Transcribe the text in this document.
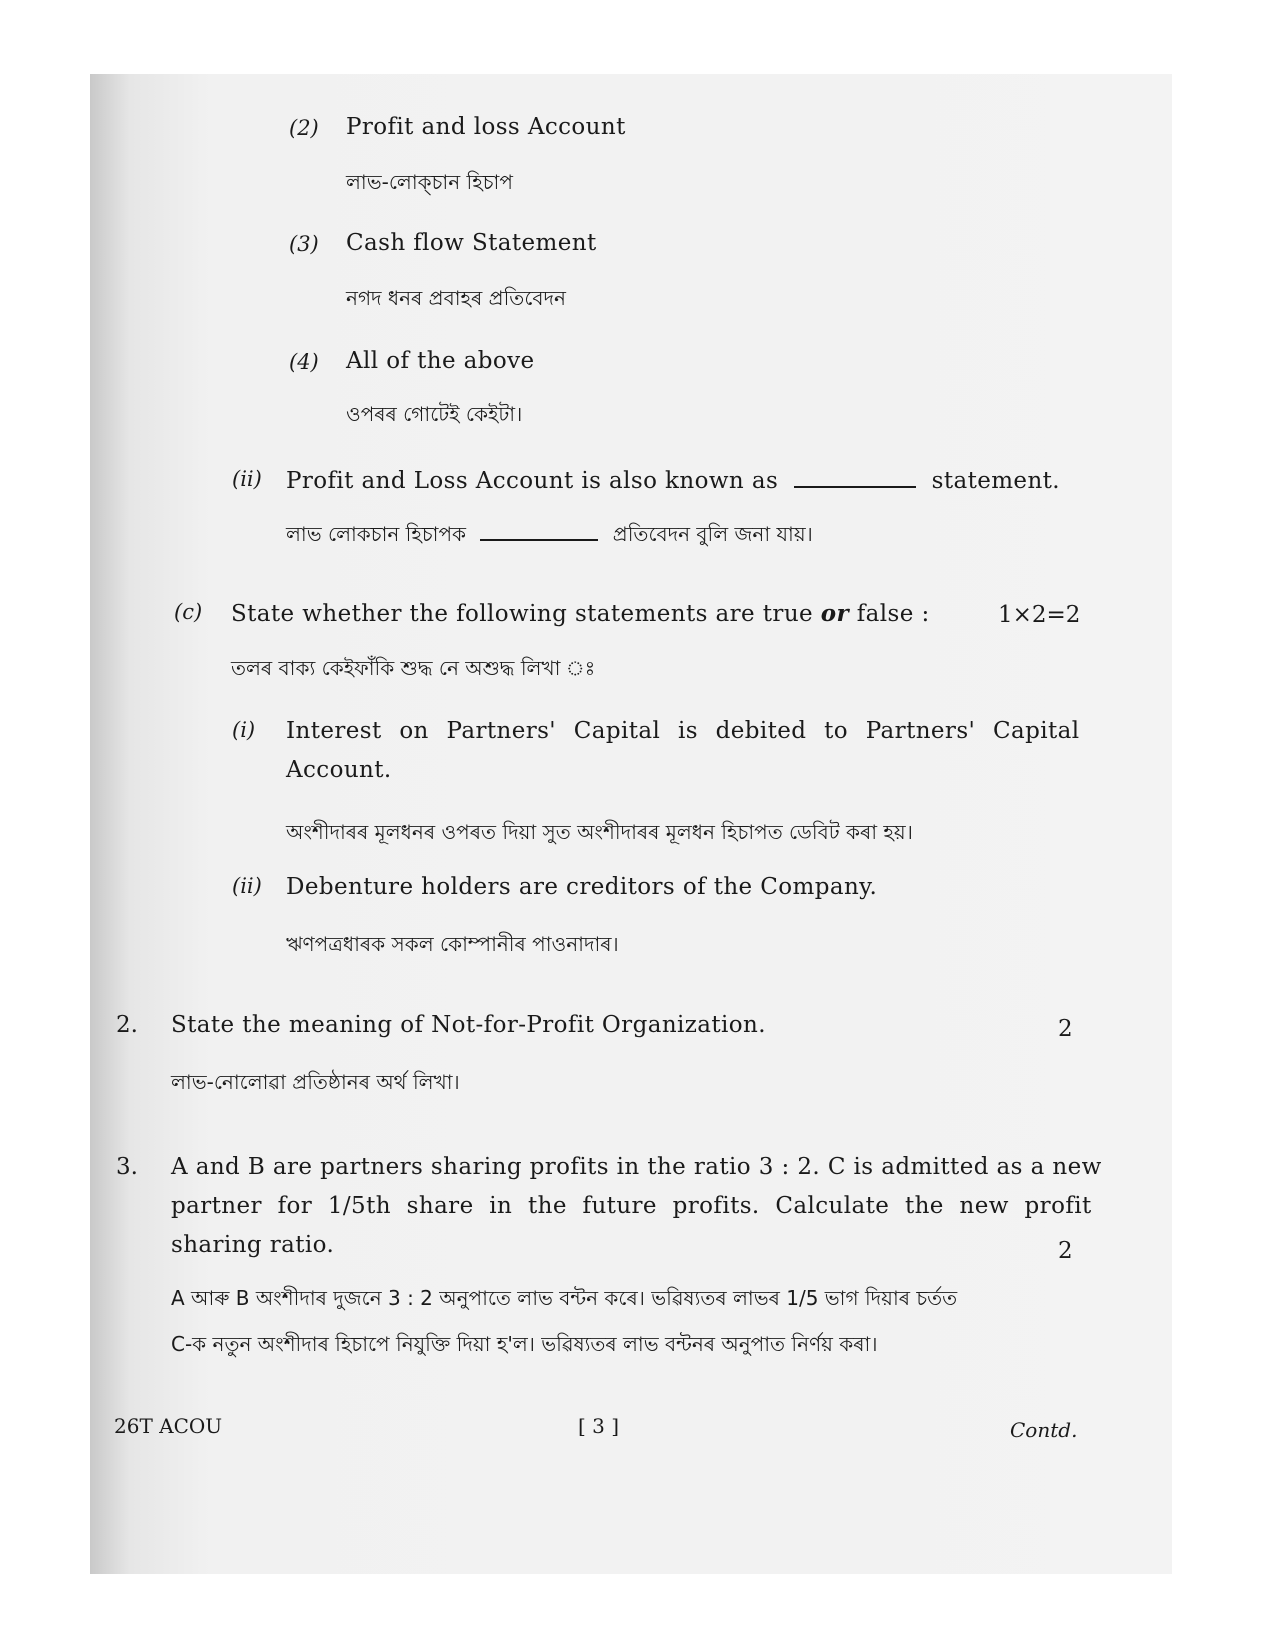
(2) Profit and loss Account
লাভ-লোক্‌চান হিচাপ
(3) Cash flow Statement
নগদ ধনৰ প্ৰবাহৰ প্ৰতিবেদন
(4) All of the above
ওপৰৰ গোটেই কেইটা।
(ii) Profit and Loss Account is also known as	statement.
লাভ লোকচান হিচাপক	প্ৰতিবেদন বুলি জনা যায়।
(c) State whether the following statements are true or false :	1×2=2
তলৰ বাক্য কেইফাঁকি শুদ্ধ নে অশুদ্ধ লিখা ঃ
(i) Interest on Partners' Capital is debited to Partners' Capital
Account.
অংশীদাৰৰ মূলধনৰ ওপৰত দিয়া সুত অংশীদাৰৰ মূলধন হিচাপত ডেবিট কৰা হয়।
(ii) Debenture holders are creditors of the Company.
ঋণপত্ৰধাৰক সকল কোম্পানীৰ পাওনাদাৰ।
2. State the meaning of Not-for-Profit Organization.	2
লাভ-নোলোৱা প্ৰতিষ্ঠানৰ অৰ্থ লিখা।
3. A and B are partners sharing profits in the ratio 3 : 2. C is admitted as a new
partner for 1/5th share in the future profits. Calculate the new profit
sharing ratio.	2
A আৰু B অংশীদাৰ দুজনে 3 : 2 অনুপাতে লাভ বন্টন কৰে। ভৱিষ্যতৰ লাভৰ 1/5 ভাগ দিয়াৰ চৰ্তত
C-ক নতুন অংশীদাৰ হিচাপে নিযুক্তি দিয়া হ'ল। ভৱিষ্যতৰ লাভ বন্টনৰ অনুপাত নিৰ্ণয় কৰা।
26T ACOU	[ 3 ]	Contd.
